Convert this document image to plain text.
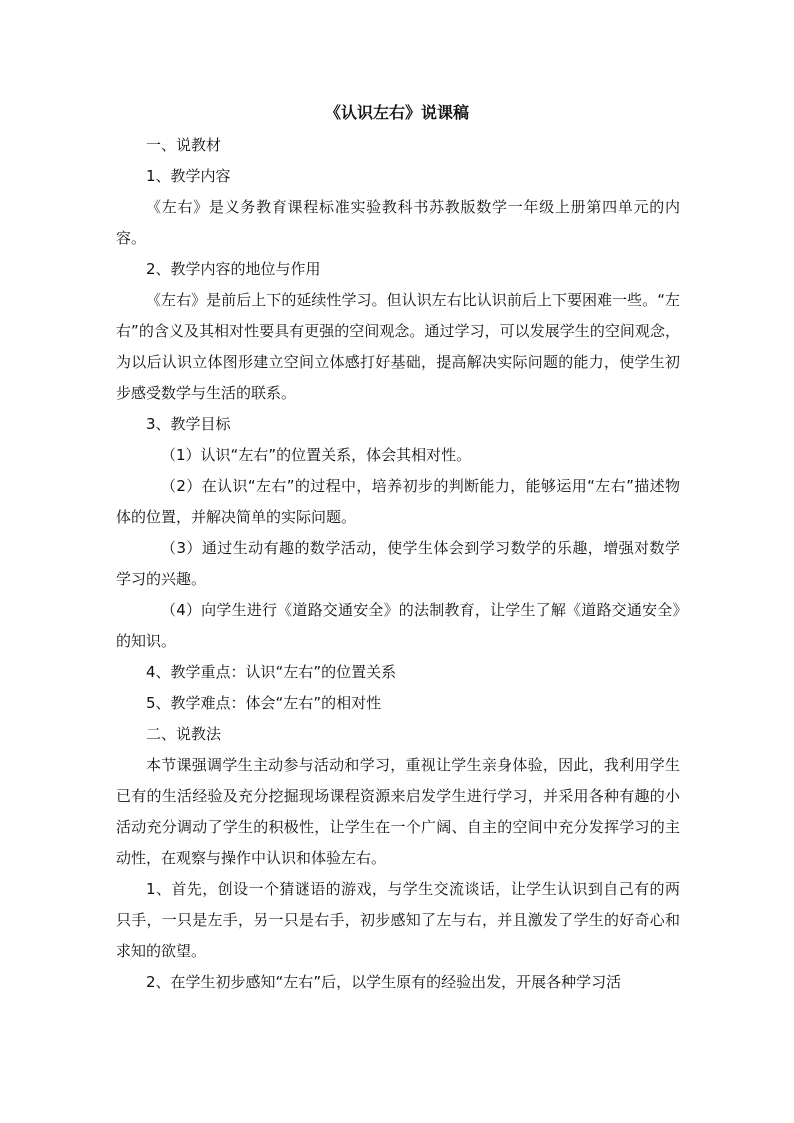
《认识左右》说课稿

一、说教材

1、教学内容

《左右》是义务教育课程标准实验教科书苏教版数学一年级上册第四单元的内容。

2、教学内容的地位与作用

《左右》是前后上下的延续性学习。但认识左右比认识前后上下要困难一些。“左右”的含义及其相对性要具有更强的空间观念。通过学习，可以发展学生的空间观念，为以后认识立体图形建立空间立体感打好基础，提高解决实际问题的能力，使学生初步感受数学与生活的联系。

3、教学目标

（1）认识“左右”的位置关系，体会其相对性。

（2）在认识“左右”的过程中，培养初步的判断能力，能够运用“左右”描述物体的位置，并解决简单的实际问题。

（3）通过生动有趣的数学活动，使学生体会到学习数学的乐趣，增强对数学学习的兴趣。

（4）向学生进行《道路交通安全》的法制教育，让学生了解《道路交通安全》的知识。

4、教学重点：认识“左右”的位置关系

5、教学难点：体会“左右”的相对性

二、说教法

本节课强调学生主动参与活动和学习，重视让学生亲身体验，因此，我利用学生已有的生活经验及充分挖掘现场课程资源来启发学生进行学习，并采用各种有趣的小活动充分调动了学生的积极性，让学生在一个广阔、自主的空间中充分发挥学习的主动性，在观察与操作中认识和体验左右。

1、首先，创设一个猜谜语的游戏，与学生交流谈话，让学生认识到自己有的两只手，一只是左手，另一只是右手，初步感知了左与右，并且激发了学生的好奇心和求知的欲望。

2、在学生初步感知“左右”后，以学生原有的经验出发，开展各种学习活
